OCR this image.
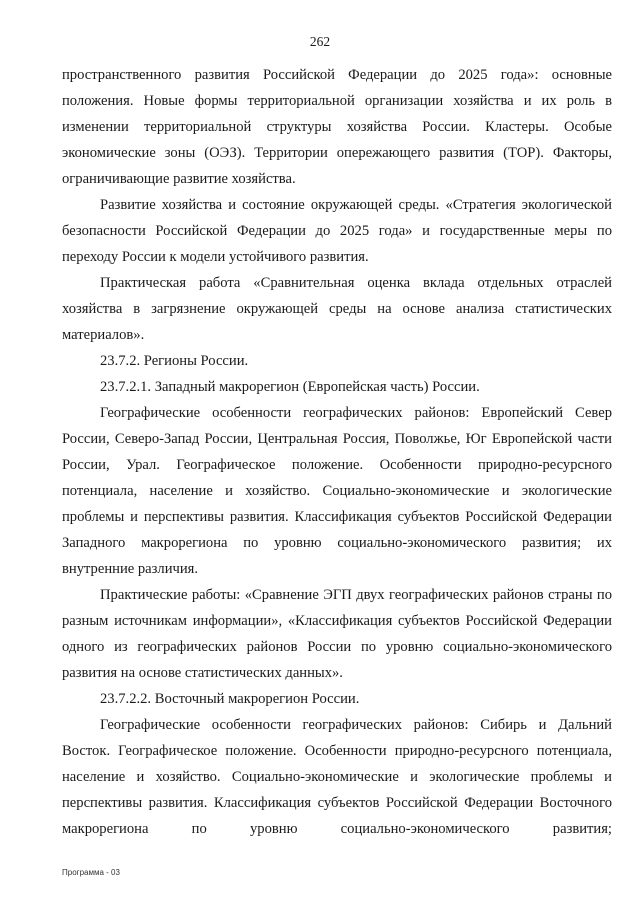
262

пространственного развития Российской Федерации до 2025 года»: основные положения. Новые формы территориальной организации хозяйства и их роль в изменении территориальной структуры хозяйства России. Кластеры. Особые экономические зоны (ОЭЗ). Территории опережающего развития (ТОР). Факторы, ограничивающие развитие хозяйства.

Развитие хозяйства и состояние окружающей среды. «Стратегия экологической безопасности Российской Федерации до 2025 года» и государственные меры по переходу России к модели устойчивого развития.

Практическая работа «Сравнительная оценка вклада отдельных отраслей хозяйства в загрязнение окружающей среды на основе анализа статистических материалов».

23.7.2. Регионы России.

23.7.2.1. Западный макрорегион (Европейская часть) России.

Географические особенности географических районов: Европейский Север России, Северо-Запад России, Центральная Россия, Поволжье, Юг Европейской части России, Урал. Географическое положение. Особенности природно-ресурсного потенциала, население и хозяйство. Социально-экономические и экологические проблемы и перспективы развития. Классификация субъектов Российской Федерации Западного макрорегиона по уровню социально-экономического развития; их внутренние различия.

Практические работы: «Сравнение ЭГП двух географических районов страны по разным источникам информации», «Классификация субъектов Российской Федерации одного из географических районов России по уровню социально-экономического развития на основе статистических данных».

23.7.2.2. Восточный макрорегион России.

Географические особенности географических районов: Сибирь и Дальний Восток. Географическое положение. Особенности природно-ресурсного потенциала, население и хозяйство. Социально-экономические и экологические проблемы и перспективы развития. Классификация субъектов Российской Федерации Восточного макрорегиона по уровню социально-экономического развития;

Программа - 03
